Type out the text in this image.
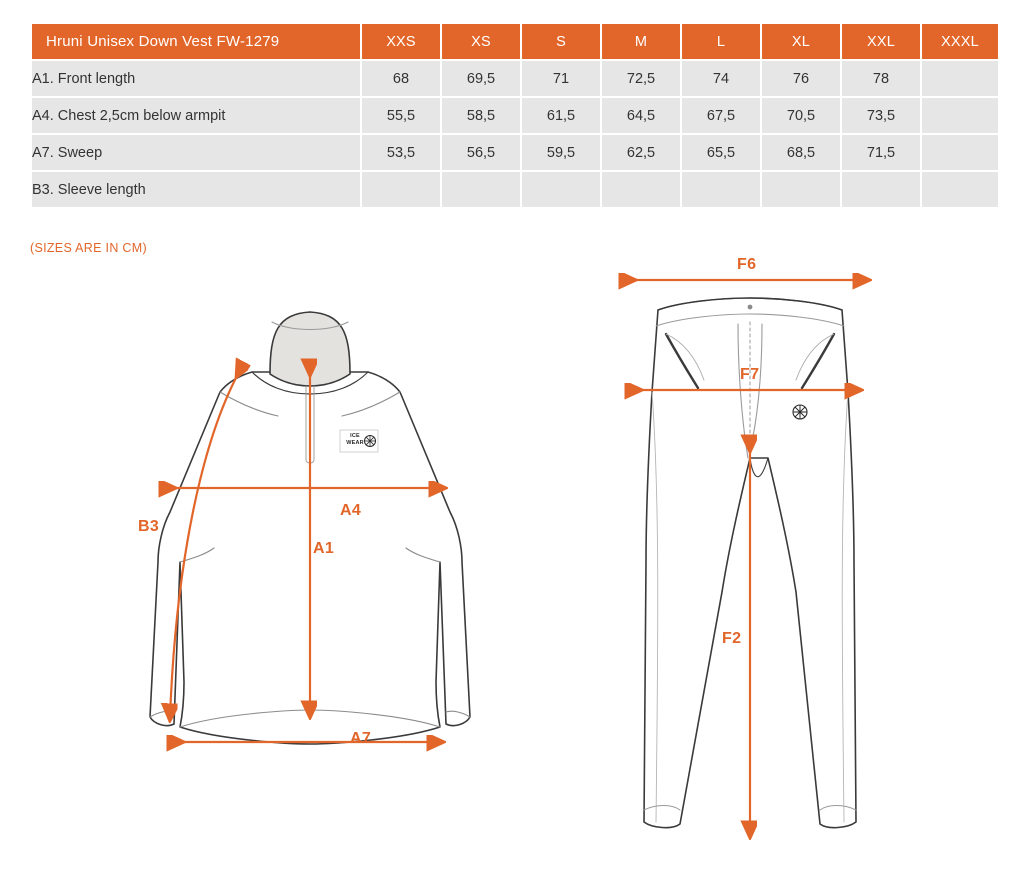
Hruni Unisex Down Vest FW-1279	XXS	XS	S	M	L	XL	XXL	XXXL
A1. Front length	68	69,5	71	72,5	74	76	78	
A4. Chest 2,5cm below armpit	55,5	58,5	61,5	64,5	67,5	70,5	73,5	
A7. Sweep	53,5	56,5	59,5	62,5	65,5	68,5	71,5	
B3. Sleeve length								
(SIZES ARE IN CM)
B3
A4
A1
A7
ICE
WEAR
F6
F7
F2
